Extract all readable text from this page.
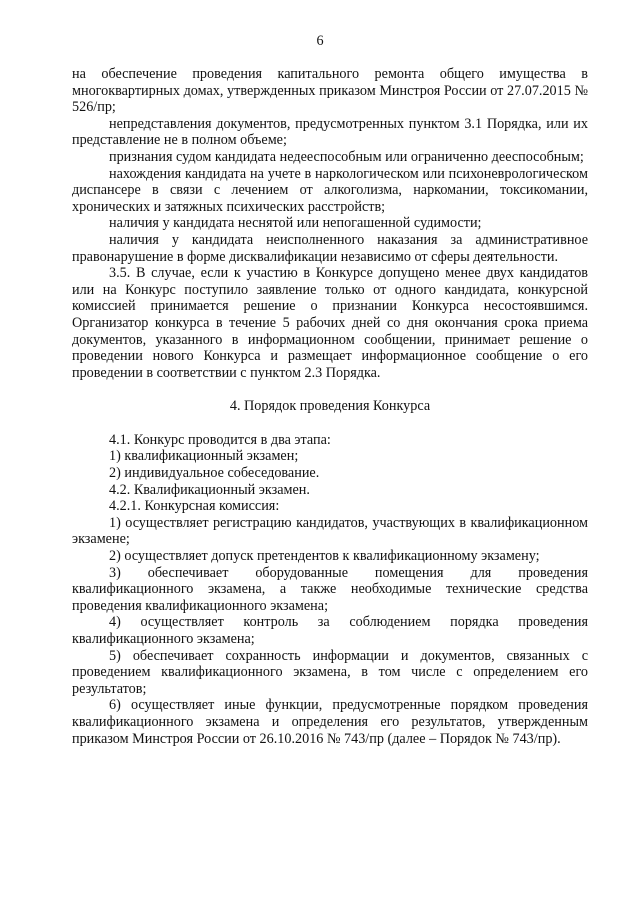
6

на обеспечение проведения капитального ремонта общего имущества в многоквартирных домах, утвержденных приказом Минстроя России от 27.07.2015 № 526/пр;

непредставления документов, предусмотренных пунктом 3.1 Порядка, или их представление не в полном объеме;

признания судом кандидата недееспособным или ограниченно дееспособным;

нахождения кандидата на учете в наркологическом или психоневрологическом диспансере в связи с лечением от алкоголизма, наркомании, токсикомании, хронических и затяжных психических расстройств;

наличия у кандидата неснятой или непогашенной судимости;

наличия у кандидата неисполненного наказания за административное правонарушение в форме дисквалификации независимо от сферы деятельности.

3.5. В случае, если к участию в Конкурсе допущено менее двух кандидатов или на Конкурс поступило заявление только от одного кандидата, конкурсной комиссией принимается решение о признании Конкурса несостоявшимся. Организатор конкурса в течение 5 рабочих дней со дня окончания срока приема документов, указанного в информационном сообщении, принимает решение о проведении нового Конкурса и размещает информационное сообщение о его проведении в соответствии с пунктом 2.3 Порядка.

4. Порядок проведения Конкурса

4.1. Конкурс проводится в два этапа:

1) квалификационный экзамен;

2) индивидуальное собеседование.

4.2. Квалификационный экзамен.

4.2.1. Конкурсная комиссия:

1) осуществляет регистрацию кандидатов, участвующих в квалификационном экзамене;

2) осуществляет допуск претендентов к квалификационному экзамену;

3) обеспечивает оборудованные помещения для проведения квалификационного экзамена, а также необходимые технические средства проведения квалификационного экзамена;

4) осуществляет контроль за соблюдением порядка проведения квалификационного экзамена;

5) обеспечивает сохранность информации и документов, связанных с проведением квалификационного экзамена, в том числе с определением его результатов;

6) осуществляет иные функции, предусмотренные порядком проведения квалификационного экзамена и определения его результатов, утвержденным приказом Минстроя России от 26.10.2016 № 743/пр (далее – Порядок № 743/пр).
